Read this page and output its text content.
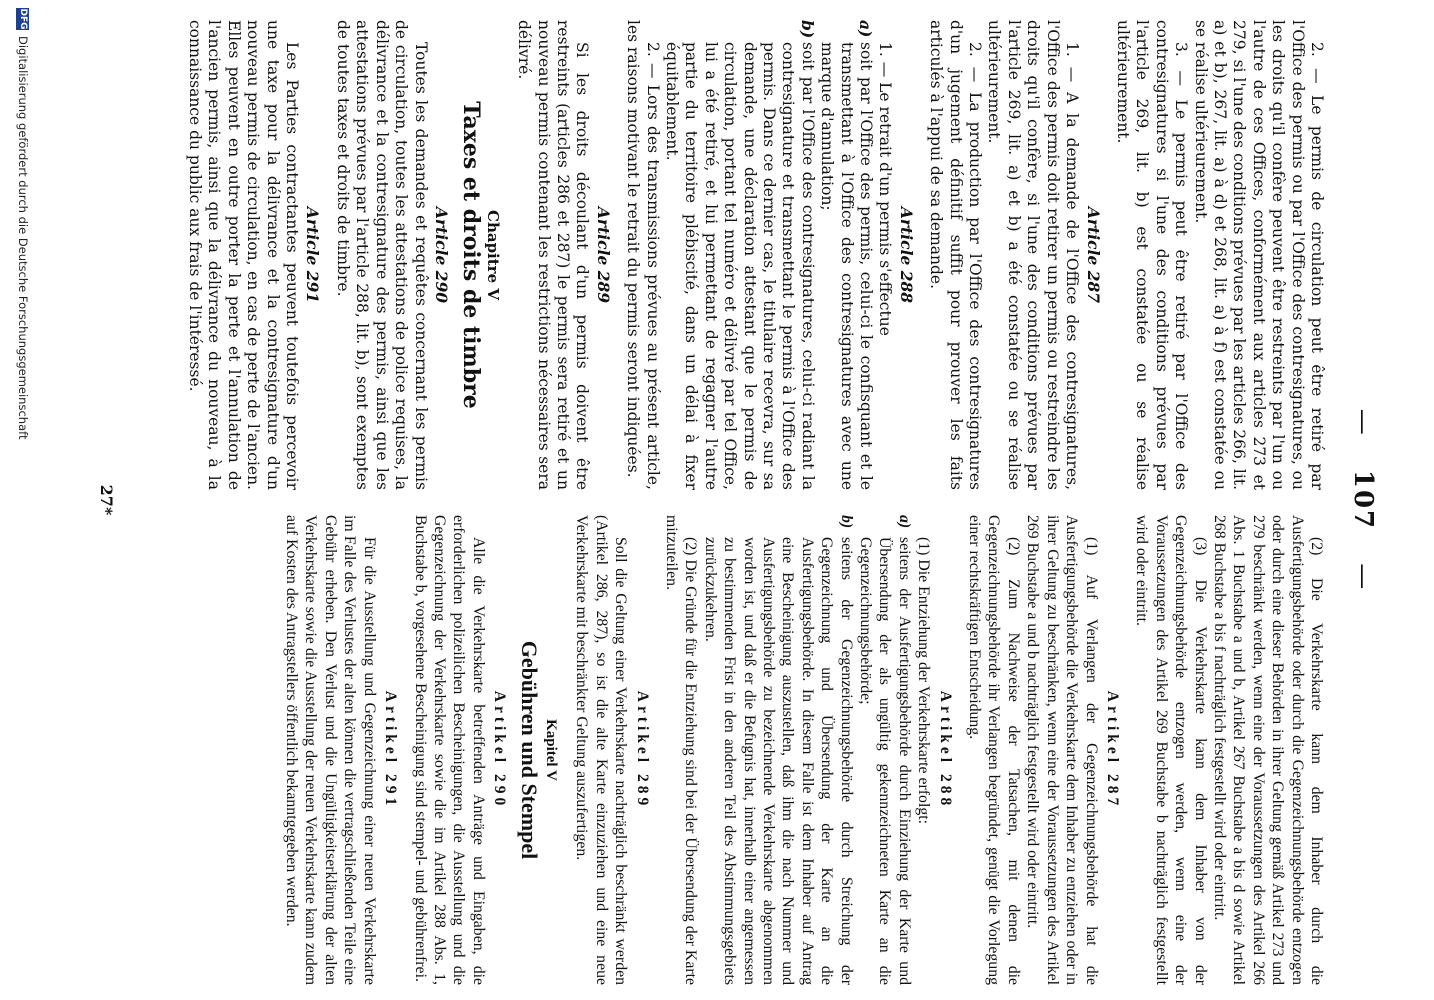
— 107 —

2. — Le permis de circulation peut être retiré par l'Office des permis ou par l'Office des contresignatures, ou les droits qu'il confère peuvent être restreints par l'un ou l'autre de ces Offices, conformément aux articles 273 et 279, si l'une des conditions prévues par les articles 266, lit. a) et b), 267, lit. a) à d) et 268, lit. a) à f) est constatée ou se réalise ultérieurement.

3. — Le permis peut être retiré par l'Office des contresignatures si l'une des conditions prévues par l'article 269, lit. b) est constatée ou se réalise ultérieurement.

Article 287

1. — A la demande de l'Office des contresignatures, l'Office des permis doit retirer un permis ou restreindre les droits qu'il confère, si l'une des conditions prévues par l'article 269, lit. a) et b) a été constatée ou se réalise ultérieurement.

2. — La production par l'Office des contresignatures d'un jugement définitif suffit pour prouver les faits articulés à l'appui de sa demande.

Article 288

1. — Le retrait d'un permis s'effectue

a)
soit par l'Office des permis, celui-ci le confisquant et le transmettant à l'Office des contresignatures avec une marque d'annulation;
b)
soit par l'Office des contresignatures, celui-ci radiant la contresignature et transmettant le permis à l'Office des permis. Dans ce dernier cas, le titulaire recevra, sur sa demande, une déclaration attestant que le permis de circulation, portant tel numéro et délivré par tel Office, lui a été retiré, et lui permettant de regagner l'autre partie du territoire plébiscité, dans un délai à fixer équitablement.

2. — Lors des transmissions prévues au présent article, les raisons motivant le retrait du permis seront indiquées.

Article 289

Si les droits découlant d'un permis doivent être restreints (articles 286 et 287) le permis sera retiré et un nouveau permis contenant les restrictions nécessaires sera délivré.

Chapitre V
Taxes et droits de timbre
Article 290

Toutes les demandes et requêtes concernant les permis de circulation, toutes les attestations de police requises, la délivrance et la contresignature des permis, ainsi que les attestations prévues par l'article 288, lit. b), sont exemptes de toutes taxes et droits de timbre.

Article 291

Les Parties contractantes peuvent toutefois percevoir une taxe pour la délivrance et la contresignature d'un nouveau permis de circulation, en cas de perte de l'ancien. Elles peuvent en outre porter la perte et l'annulation de l'ancien permis, ainsi que la délivrance du nouveau, à la connaissance du public aux frais de l'intéressé.

(2) Die Verkehrskarte kann dem Inhaber durch die Ausfertigungsbehörde oder durch die Gegenzeichnungsbehörde entzogen oder durch eine dieser Behörden in ihrer Geltung gemäß Artikel 273 und 279 beschränkt werden, wenn eine der Voraussetzungen des Artikel 266 Abs. 1 Buchstabe a und b, Artikel 267 Buchstabe a bis d sowie Artikel 268 Buchstabe a bis f nachträglich festgestellt wird oder eintritt.

(3) Die Verkehrskarte kann dem Inhaber von der Gegenzeichnungsbehörde entzogen werden, wenn eine der Voraussetzungen des Artikel 269 Buchstabe b nachträglich festgestellt wird oder eintritt.

Artikel 287

(1) Auf Verlangen der Gegenzeichnungsbehörde hat die Ausfertigungsbehörde die Verkehrskarte dem Inhaber zu entziehen oder in ihrer Geltung zu beschränken, wenn eine der Voraussetzungen des Artikel 269 Buchstabe a und b nachträglich festgestellt wird oder eintritt.

(2) Zum Nachweise der Tatsachen, mit denen die Gegenzeichnungsbehörde ihr Verlangen begründet, genügt die Vorlegung einer rechtskräftigen Entscheidung.

Artikel 288

(1) Die Entziehung der Verkehrskarte erfolgt:

a)
seitens der Ausfertigungsbehörde durch Einziehung der Karte und Übersendung der als ungültig gekennzeichneten Karte an die Gegenzeichnungsbehörde;
b)
seitens der Gegenzeichnungsbehörde durch Streichung der Gegenzeichnung und Übersendung der Karte an die Ausfertigungsbehörde. In diesem Falle ist dem Inhaber auf Antrag eine Bescheinigung auszustellen, daß ihm die nach Nummer und Ausfertigungsbehörde zu bezeichnende Verkehrskarte abgenommen worden ist, und daß er die Befugnis hat, innerhalb einer angemessen zu bestimmenden Frist in den anderen Teil des Abstimmungsgebiets zurückzukehren.

(2) Die Gründe für die Entziehung sind bei der Übersendung der Karte mitzuteilen.

Artikel 289

Soll die Geltung einer Verkehrskarte nachträglich beschränkt werden (Artikel 286, 287), so ist die alte Karte einzuziehen und eine neue Verkehrskarte mit beschränkter Geltung auszufertigen.

Kapitel V
Gebühren und Stempel
Artikel 290

Alle die Verkehrskarte betreffenden Anträge und Eingaben, die erforderlichen polizeilichen Bescheinigungen, die Ausstellung und die Gegenzeichnung der Verkehrskarte sowie die im Artikel 288 Abs. 1, Buchstabe b, vorgesehene Bescheinigung sind stempel- und gebührenfrei.

Artikel 291

Für die Ausstellung und Gegenzeichnung einer neuen Verkehrskarte im Falle des Verlustes der alten können die vertragschließenden Teile eine Gebühr erheben. Den Verlust und die Ungültigkeitserklärung der alten Verkehrskarte sowie die Ausstellung der neuen Verkehrskarte kann zudem auf Kosten des Antragstellers öffentlich bekanntgegeben werden.

27*
DFG
Digitalisierung gefördert durch die Deutsche Forschungsgemeinschaft
